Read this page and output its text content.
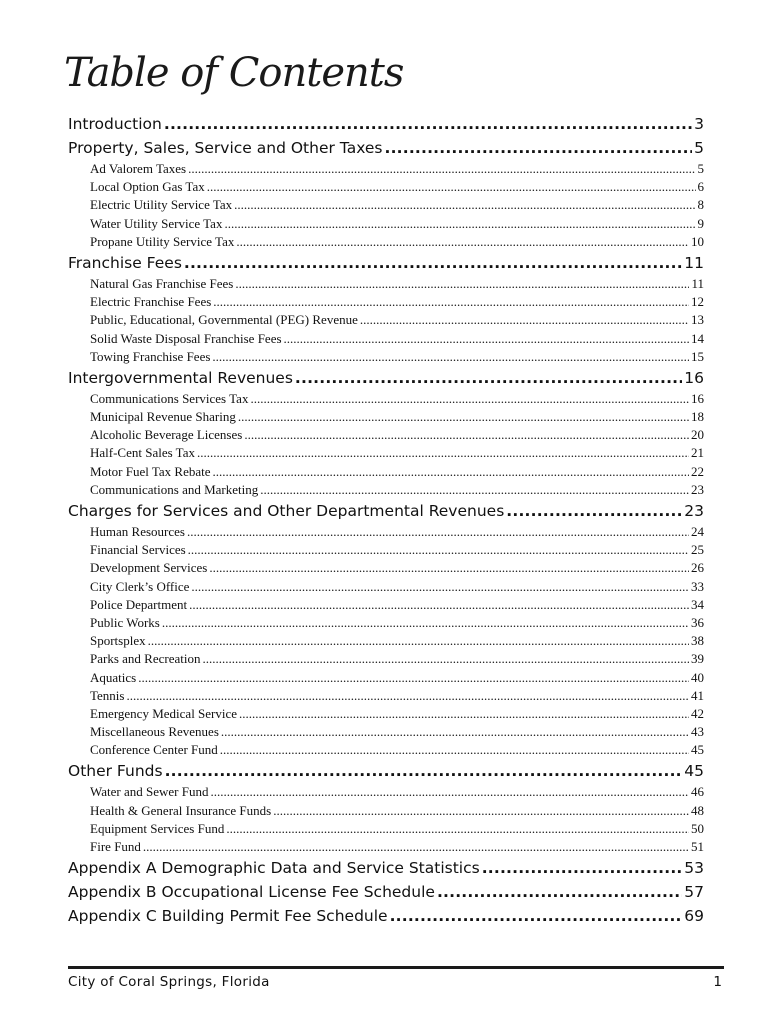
Table of Contents
Introduction . . .	3
Property, Sales, Service and Other Taxes . . .	5
Ad Valorem Taxes .....	5
Local Option Gas Tax .....	6
Electric Utility Service Tax .....	8
Water Utility Service Tax .....	9
Propane Utility Service Tax .....	10
Franchise Fees . . .	11
Natural Gas Franchise Fees .....	11
Electric Franchise Fees .....	12
Public, Educational, Governmental (PEG) Revenue .....	13
Solid Waste Disposal Franchise Fees .....	14
Towing Franchise Fees .....	15
Intergovernmental Revenues . . .	16
Communications Services Tax .....	16
Municipal Revenue Sharing .....	18
Alcoholic Beverage Licenses .....	20
Half-Cent Sales Tax .....	21
Motor Fuel Tax Rebate .....	22
Communications and Marketing .....	23
Charges for Services and Other Departmental Revenues . . .	23
Human Resources .....	24
Financial Services .....	25
Development Services .....	26
City Clerk’s Office .....	33
Police Department .....	34
Public Works .....	36
Sportsplex .....	38
Parks and Recreation .....	39
Aquatics .....	40
Tennis .....	41
Emergency Medical Service .....	42
Miscellaneous Revenues .....	43
Conference Center Fund .....	45
Other Funds . . .	45
Water and Sewer Fund .....	46
Health & General Insurance Funds .....	48
Equipment Services Fund .....	50
Fire Fund .....	51
Appendix A Demographic Data and Service Statistics . . .	53
Appendix B Occupational License Fee Schedule . . .	57
Appendix C Building Permit Fee Schedule . . .	69
City of Coral Springs, Florida	1
